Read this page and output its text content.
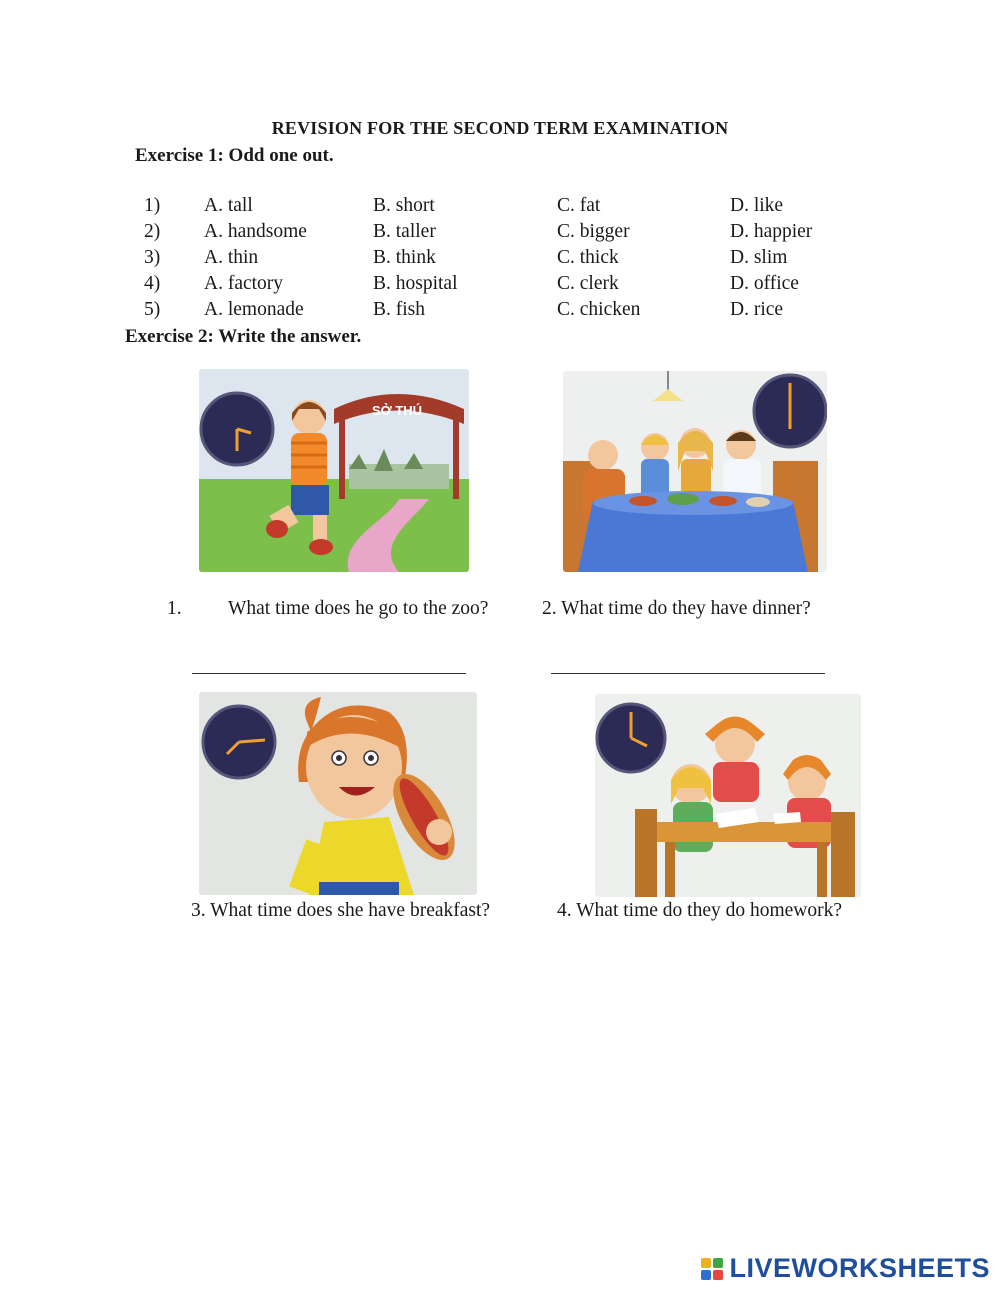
REVISION FOR THE SECOND TERM EXAMINATION
Exercise 1: Odd one out.
1) A. tall	B. short	C. fat	D. like
2) A. handsome	B. taller	C. bigger	D. happier
3) A. thin	B. think	C. thick	D. slim
4) A. factory	B. hospital	C. clerk	D. office
5) A. lemonade	B. fish	C. chicken	D. rice
Exercise 2: Write the answer.
SỞ THÚ
1. What time does he go to the zoo?	2. What time do they have dinner?
3. What time does she have breakfast?	4. What time do they do homework?
LIVEWORKSHEETS
